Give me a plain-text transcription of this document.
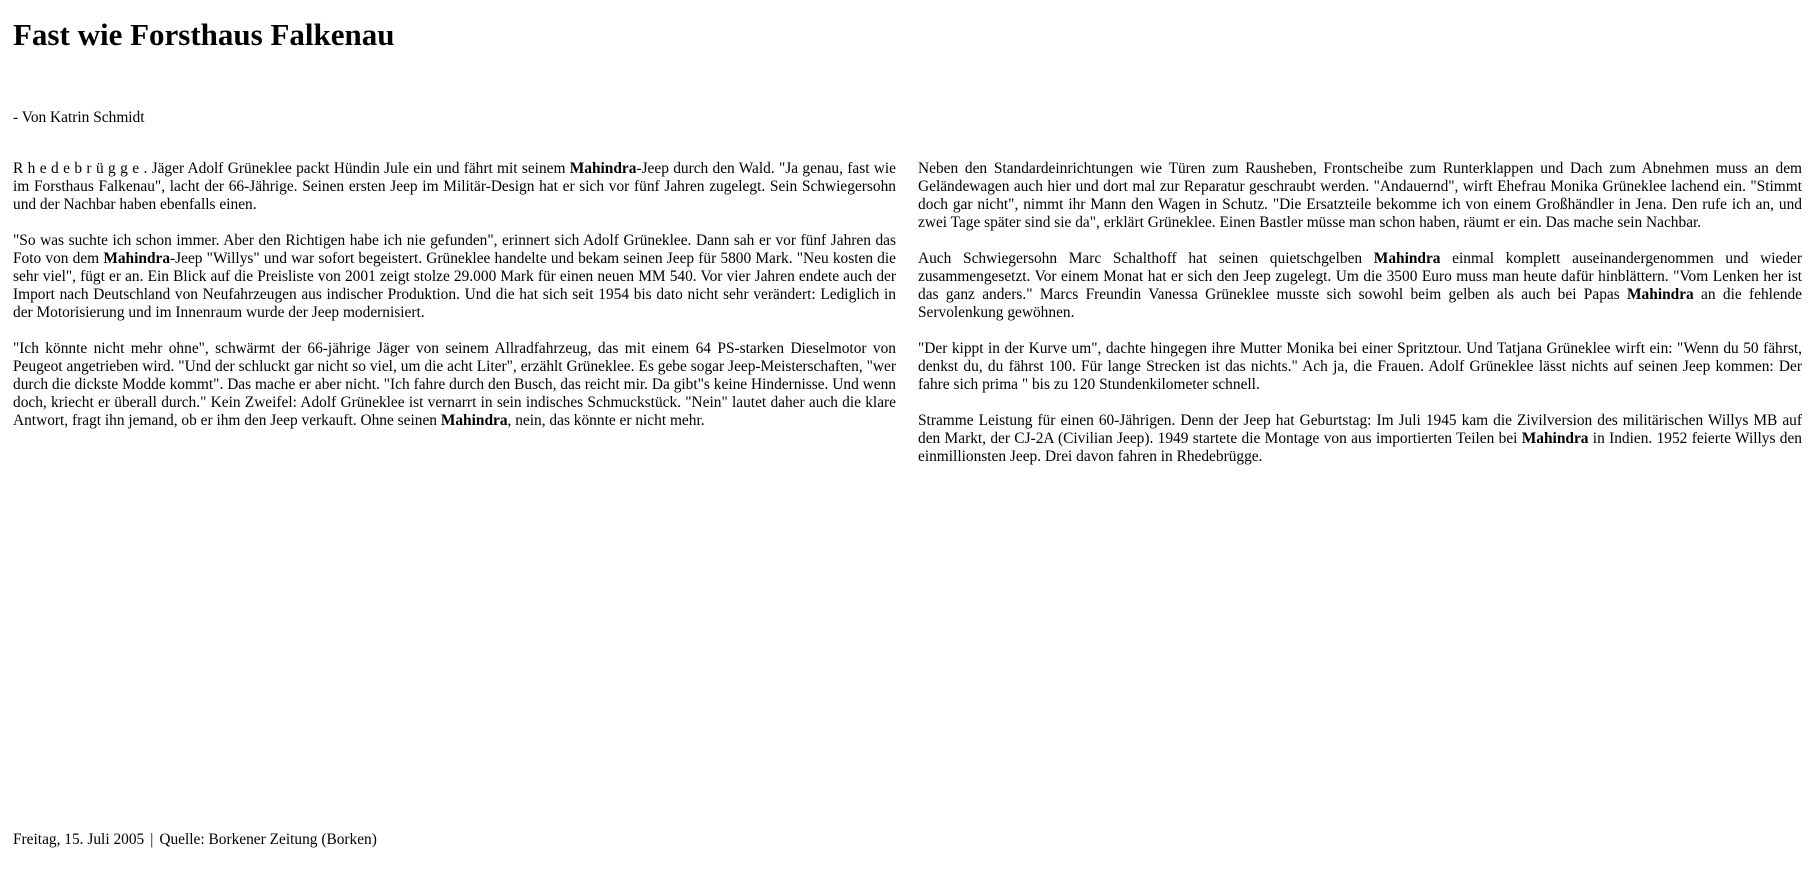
Fast wie Forsthaus Falkenau
- Von Katrin Schmidt

Rhedebrügge. Jäger Adolf Grüneklee packt Hündin Jule ein und fährt mit seinem Mahindra-Jeep durch den Wald. "Ja genau, fast wie im Forsthaus Falkenau", lacht der 66-Jährige. Seinen ersten Jeep im Militär-Design hat er sich vor fünf Jahren zugelegt. Sein Schwiegersohn und der Nachbar haben ebenfalls einen.

"So was suchte ich schon immer. Aber den Richtigen habe ich nie gefunden", erinnert sich Adolf Grüneklee. Dann sah er vor fünf Jahren das Foto von dem Mahindra-Jeep "Willys" und war sofort begeistert. Grüneklee handelte und bekam seinen Jeep für 5800 Mark. "Neu kosten die sehr viel", fügt er an. Ein Blick auf die Preisliste von 2001 zeigt stolze 29.000 Mark für einen neuen MM 540. Vor vier Jahren endete auch der Import nach Deutschland von Neufahrzeugen aus indischer Produktion. Und die hat sich seit 1954 bis dato nicht sehr verändert: Lediglich in der Motorisierung und im Innenraum wurde der Jeep modernisiert.

"Ich könnte nicht mehr ohne", schwärmt der 66-jährige Jäger von seinem Allradfahrzeug, das mit einem 64 PS-starken Dieselmotor von Peugeot angetrieben wird. "Und der schluckt gar nicht so viel, um die acht Liter", erzählt Grüneklee. Es gebe sogar Jeep-Meisterschaften, "wer durch die dickste Modde kommt". Das mache er aber nicht. "Ich fahre durch den Busch, das reicht mir. Da gibt"s keine Hindernisse. Und wenn doch, kriecht er überall durch." Kein Zweifel: Adolf Grüneklee ist vernarrt in sein indisches Schmuckstück. "Nein" lautet daher auch die klare Antwort, fragt ihn jemand, ob er ihm den Jeep verkauft. Ohne seinen Mahindra, nein, das könnte er nicht mehr.

Neben den Standardeinrichtungen wie Türen zum Rausheben, Frontscheibe zum Runterklappen und Dach zum Abnehmen muss an dem Geländewagen auch hier und dort mal zur Reparatur geschraubt werden. "Andauernd", wirft Ehefrau Monika Grüneklee lachend ein. "Stimmt doch gar nicht", nimmt ihr Mann den Wagen in Schutz. "Die Ersatzteile bekomme ich von einem Großhändler in Jena. Den rufe ich an, und zwei Tage später sind sie da", erklärt Grüneklee. Einen Bastler müsse man schon haben, räumt er ein. Das mache sein Nachbar.

Auch Schwiegersohn Marc Schalthoff hat seinen quietschgelben Mahindra einmal komplett auseinandergenommen und wieder zusammengesetzt. Vor einem Monat hat er sich den Jeep zugelegt. Um die 3500 Euro muss man heute dafür hinblättern. "Vom Lenken her ist das ganz anders." Marcs Freundin Vanessa Grüneklee musste sich sowohl beim gelben als auch bei Papas Mahindra an die fehlende Servolenkung gewöhnen.

"Der kippt in der Kurve um", dachte hingegen ihre Mutter Monika bei einer Spritztour. Und Tatjana Grüneklee wirft ein: "Wenn du 50 fährst, denkst du, du fährst 100. Für lange Strecken ist das nichts." Ach ja, die Frauen. Adolf Grüneklee lässt nichts auf seinen Jeep kommen: Der fahre sich prima " bis zu 120 Stundenkilometer schnell.

Stramme Leistung für einen 60-Jährigen. Denn der Jeep hat Geburtstag: Im Juli 1945 kam die Zivilversion des militärischen Willys MB auf den Markt, der CJ-2A (Civilian Jeep). 1949 startete die Montage von aus importierten Teilen bei Mahindra in Indien. 1952 feierte Willys den einmillionsten Jeep. Drei davon fahren in Rhedebrügge.

Freitag, 15. Juli 2005 | Quelle: Borkener Zeitung (Borken)
